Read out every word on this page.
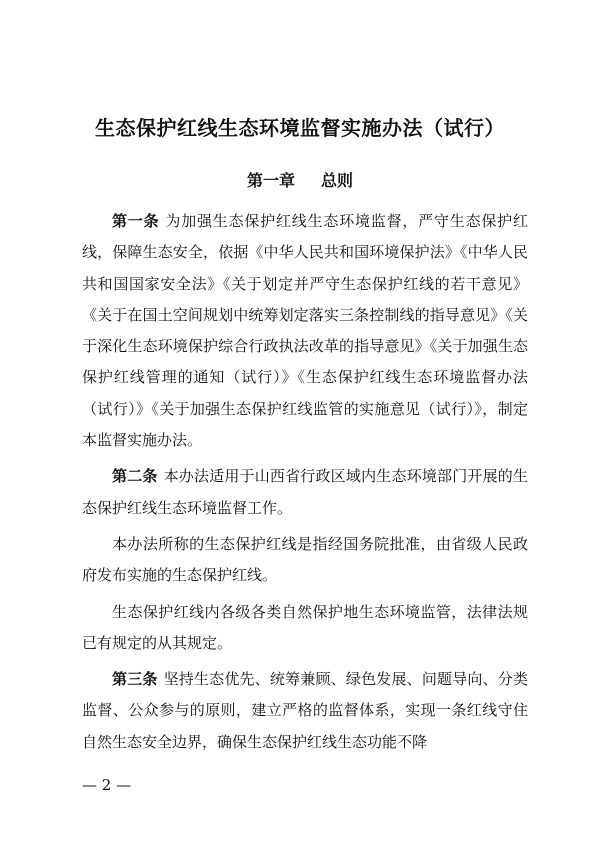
生态保护红线生态环境监督实施办法（试行）
第一章 总则

第一条 为加强生态保护红线生态环境监督，严守生态保护红线，保障生态安全，依据《中华人民共和国环境保护法》《中华人民共和国国家安全法》《关于划定并严守生态保护红线的若干意见》《关于在国土空间规划中统筹划定落实三条控制线的指导意见》《关于深化生态环境保护综合行政执法改革的指导意见》《关于加强生态保护红线管理的通知（试行）》《生态保护红线生态环境监督办法（试行）》《关于加强生态保护红线监管的实施意见（试行）》，制定本监督实施办法。

第二条 本办法适用于山西省行政区域内生态环境部门开展的生态保护红线生态环境监督工作。

本办法所称的生态保护红线是指经国务院批准，由省级人民政府发布实施的生态保护红线。

生态保护红线内各级各类自然保护地生态环境监管，法律法规已有规定的从其规定。

第三条 坚持生态优先、统筹兼顾、绿色发展、问题导向、分类监督、公众参与的原则，建立严格的监督体系，实现一条红线守住自然生态安全边界，确保生态保护红线生态功能不降

— 2 —
